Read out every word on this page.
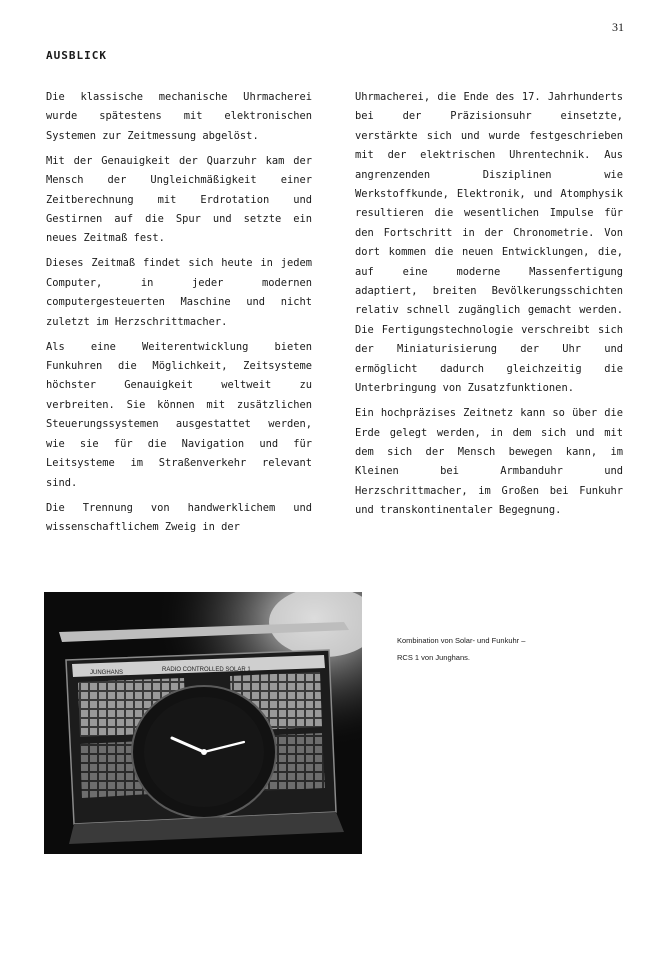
31
AUSBLICK

Die klassische mechanische Uhrmacherei wurde spätestens mit elektronischen Systemen zur Zeitmessung abgelöst.

Mit der Genauigkeit der Quarzuhr kam der Mensch der Ungleichmäßigkeit einer Zeitberechnung mit Erdrotation und Gestirnen auf die Spur und setzte ein neues Zeitmaß fest.

Dieses Zeitmaß findet sich heute in jedem Computer, in jeder modernen computergesteuerten Maschine und nicht zuletzt im Herzschrittmacher.

Als eine Weiterentwicklung bieten Funkuhren die Möglichkeit, Zeitsysteme höchster Genauigkeit weltweit zu verbreiten. Sie können mit zusätzlichen Steuerungssystemen ausgestattet werden, wie sie für die Navigation und für Leitsysteme im Straßenverkehr relevant sind.

Die Trennung von handwerklichem und wissenschaftlichem Zweig in der

Uhrmacherei, die Ende des 17. Jahrhunderts bei der Präzisionsuhr einsetzte, verstärkte sich und wurde festgeschrieben mit der elektrischen Uhrentechnik. Aus angrenzenden Disziplinen wie Werkstoffkunde, Elektronik, und Atomphysik resultieren die wesentlichen Impulse für den Fortschritt in der Chronometrie. Von dort kommen die neuen Entwicklungen, die, auf eine moderne Massenfertigung adaptiert, breiten Bevölkerungsschichten relativ schnell zugänglich gemacht werden. Die Fertigungstechnologie verschreibt sich der Miniaturisierung der Uhr und ermöglicht dadurch gleichzeitig die Unterbringung von Zusatzfunktionen.

Ein hochpräzises Zeitnetz kann so über die Erde gelegt werden, in dem sich und mit dem sich der Mensch bewegen kann, im Kleinen bei Armbanduhr und Herzschrittmacher, im Großen bei Funkuhr und transkontinentaler Begegnung.

JUNGHANS	RADIO CONTROLLED SOLAR 1

Kombination von Solar- und Funkuhr –

RCS 1 von Junghans.
